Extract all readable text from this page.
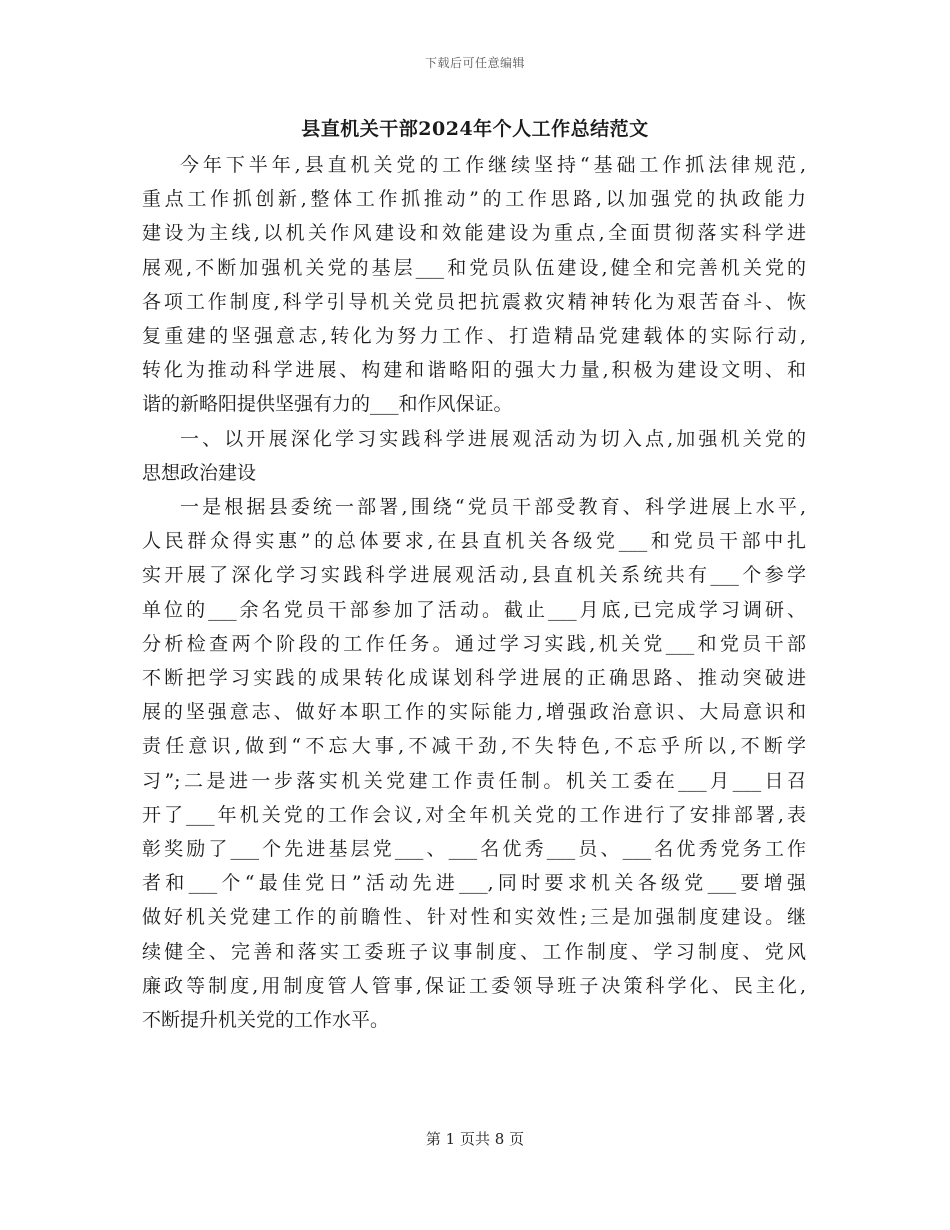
下载后可任意编辑
县直机关干部2024年个人工作总结范文

今年下半年,县直机关党的工作继续坚持“基础工作抓法律规范,
重点工作抓创新,整体工作抓推动”的工作思路,以加强党的执政能力
建设为主线,以机关作风建设和效能建设为重点,全面贯彻落实科学进
展观,不断加强机关党的基层___和党员队伍建设,健全和完善机关党的
各项工作制度,科学引导机关党员把抗震救灾精神转化为艰苦奋斗、恢
复重建的坚强意志,转化为努力工作、打造精品党建载体的实际行动,
转化为推动科学进展、构建和谐略阳的强大力量,积极为建设文明、和
谐的新略阳提供坚强有力的___和作风保证。

一、以开展深化学习实践科学进展观活动为切入点,加强机关党的
思想政治建设

一是根据县委统一部署,围绕“党员干部受教育、科学进展上水平,
人民群众得实惠”的总体要求,在县直机关各级党___和党员干部中扎
实开展了深化学习实践科学进展观活动,县直机关系统共有___个参学
单位的___余名党员干部参加了活动。截止___月底,已完成学习调研、
分析检查两个阶段的工作任务。通过学习实践,机关党___和党员干部
不断把学习实践的成果转化成谋划科学进展的正确思路、推动突破进
展的坚强意志、做好本职工作的实际能力,增强政治意识、大局意识和
责任意识,做到“不忘大事,不减干劲,不失特色,不忘乎所以,不断学
习”;二是进一步落实机关党建工作责任制。机关工委在___月___日召
开了___年机关党的工作会议,对全年机关党的工作进行了安排部署,表
彰奖励了___个先进基层党___、___名优秀___员、___名优秀党务工作
者和___个“最佳党日”活动先进___,同时要求机关各级党___要增强
做好机关党建工作的前瞻性、针对性和实效性;三是加强制度建设。继
续健全、完善和落实工委班子议事制度、工作制度、学习制度、党风
廉政等制度,用制度管人管事,保证工委领导班子决策科学化、民主化,
不断提升机关党的工作水平。

第 1 页共 8 页
